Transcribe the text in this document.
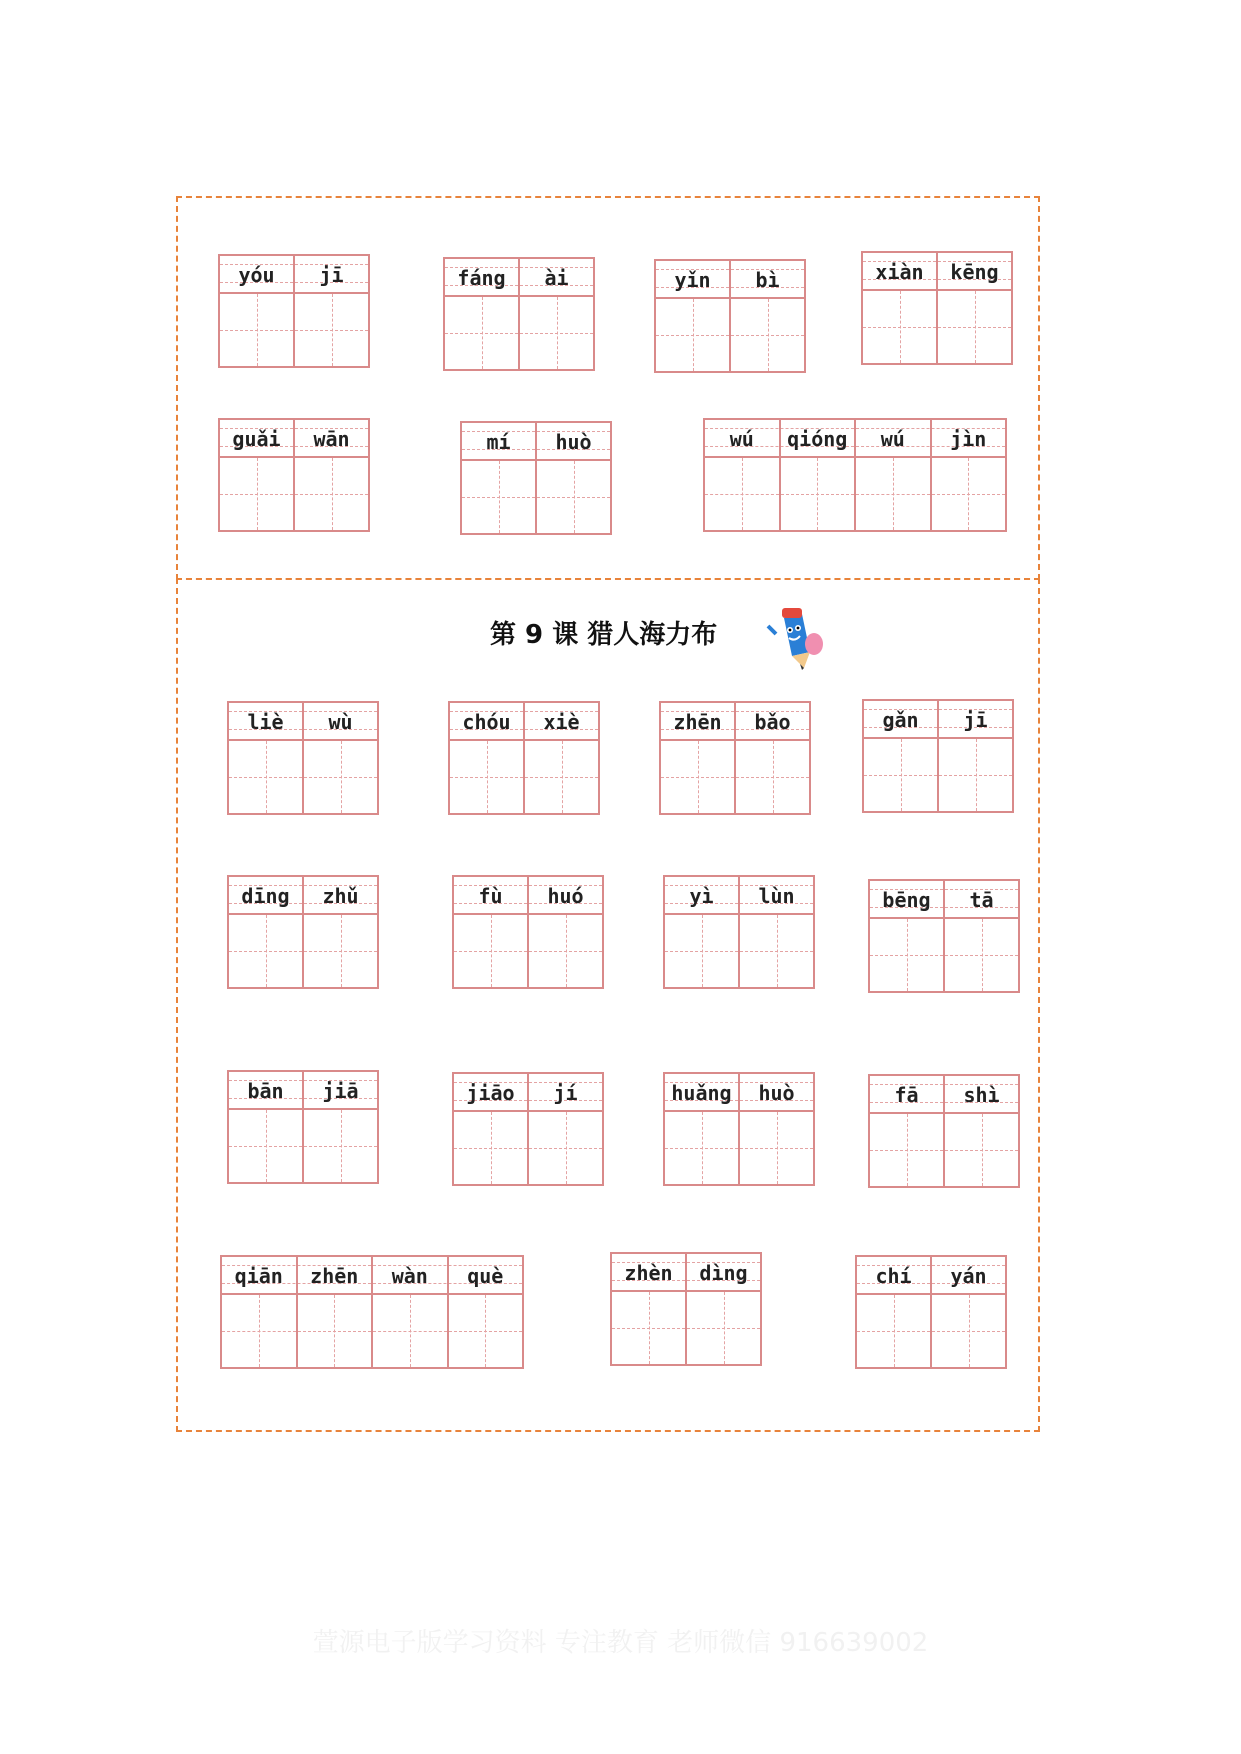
yóu	jī	fáng	ài	yǐn	bì	xiàn	kēng
guǎi	wān	mí	huò	wú	qióng	wú	jìn
liè	wù	chóu	xiè	zhēn	bǎo	gǎn	jī
dīng	zhǔ	fù	huó	yì	lùn	bēng	tā
bān	jiā	jiāo	jí	huǎng	huò	fā	shì
qiān	zhēn	wàn	què	zhèn	dìng	chí	yán
第 9 课 猎人海力布
萱源电子版学习资料 专注教育 老师微信 916639002
